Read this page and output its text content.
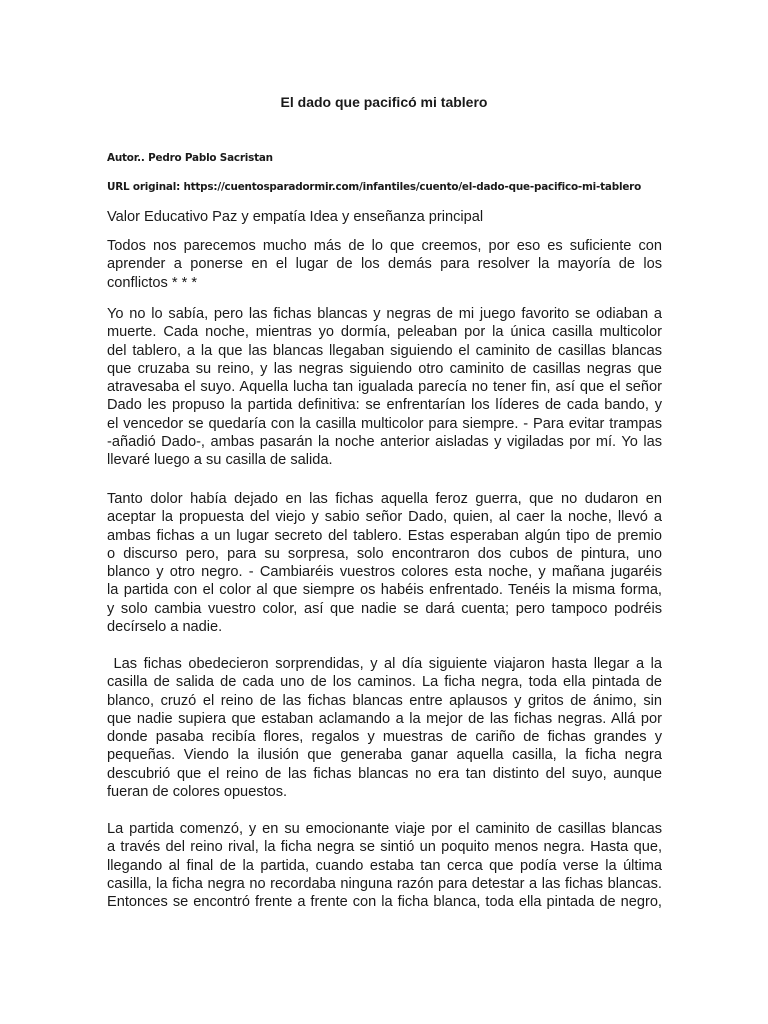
El dado que pacificó mi tablero
Autor.. Pedro Pablo Sacristan
URL original: https://cuentosparadormir.com/infantiles/cuento/el-dado-que-pacifico-mi-tablero
Valor Educativo Paz y empatía Idea y enseñanza principal
Todos nos parecemos mucho más de lo que creemos, por eso es suficiente con
aprender a ponerse en el lugar de los demás para resolver la mayoría de los
conflictos * * *
Yo no lo sabía, pero las fichas blancas y negras de mi juego favorito se odiaban a
muerte. Cada noche, mientras yo dormía, peleaban por la única casilla multicolor
del tablero, a la que las blancas llegaban siguiendo el caminito de casillas blancas
que cruzaba su reino, y las negras siguiendo otro caminito de casillas negras que
atravesaba el suyo. Aquella lucha tan igualada parecía no tener fin, así que el señor
Dado les propuso la partida definitiva: se enfrentarían los líderes de cada bando, y
el vencedor se quedaría con la casilla multicolor para siempre. - Para evitar trampas
-añadió Dado-, ambas pasarán la noche anterior aisladas y vigiladas por mí. Yo las
llevaré luego a su casilla de salida.
Tanto dolor había dejado en las fichas aquella feroz guerra, que no dudaron en
aceptar la propuesta del viejo y sabio señor Dado, quien, al caer la noche, llevó a
ambas fichas a un lugar secreto del tablero. Estas esperaban algún tipo de premio
o discurso pero, para su sorpresa, solo encontraron dos cubos de pintura, uno
blanco y otro negro. - Cambiaréis vuestros colores esta noche, y mañana jugaréis
la partida con el color al que siempre os habéis enfrentado. Tenéis la misma forma,
y solo cambia vuestro color, así que nadie se dará cuenta; pero tampoco podréis
decírselo a nadie.
Las fichas obedecieron sorprendidas, y al día siguiente viajaron hasta llegar a la
casilla de salida de cada uno de los caminos. La ficha negra, toda ella pintada de
blanco, cruzó el reino de las fichas blancas entre aplausos y gritos de ánimo, sin
que nadie supiera que estaban aclamando a la mejor de las fichas negras. Allá por
donde pasaba recibía flores, regalos y muestras de cariño de fichas grandes y
pequeñas. Viendo la ilusión que generaba ganar aquella casilla, la ficha negra
descubrió que el reino de las fichas blancas no era tan distinto del suyo, aunque
fueran de colores opuestos.
La partida comenzó, y en su emocionante viaje por el caminito de casillas blancas
a través del reino rival, la ficha negra se sintió un poquito menos negra. Hasta que,
llegando al final de la partida, cuando estaba tan cerca que podía verse la última
casilla, la ficha negra no recordaba ninguna razón para detestar a las fichas blancas.
Entonces se encontró frente a frente con la ficha blanca, toda ella pintada de negro,
